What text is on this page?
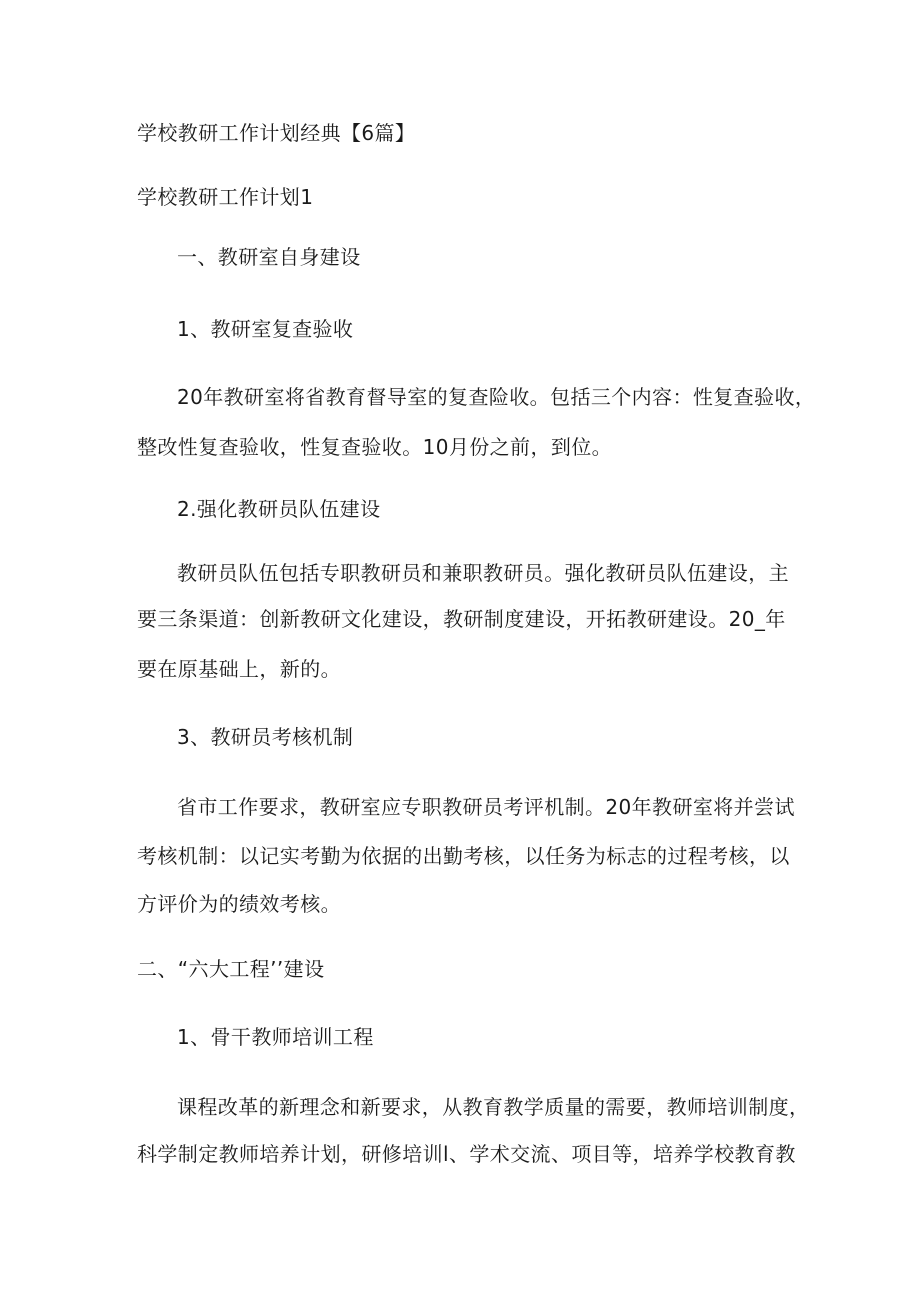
学校教研工作计划经典【6篇】
学校教研工作计划1
一、教研室自身建设
1、教研室复查验收
20年教研室将省教育督导室的复查险收。包括三个内容：性复查验收，
整改性复查验收，性复查验收。10月份之前，到位。
2.强化教研员队伍建设
教研员队伍包括专职教研员和兼职教研员。强化教研员队伍建设，主
要三条渠道：创新教研文化建设，教研制度建设，开拓教研建设。20_年
要在原基础上，新的。
3、教研员考核机制
省市工作要求，教研室应专职教研员考评机制。20年教研室将并尝试
考核机制：以记实考勤为依据的出勤考核，以任务为标志的过程考核，以
方评价为的绩效考核。
二、“六大工程’’建设
1、骨干教师培训工程
课程改革的新理念和新要求，从教育教学质量的需要，教师培训制度，
科学制定教师培养计划，研修培训l、学术交流、项目等，培养学校教育教
